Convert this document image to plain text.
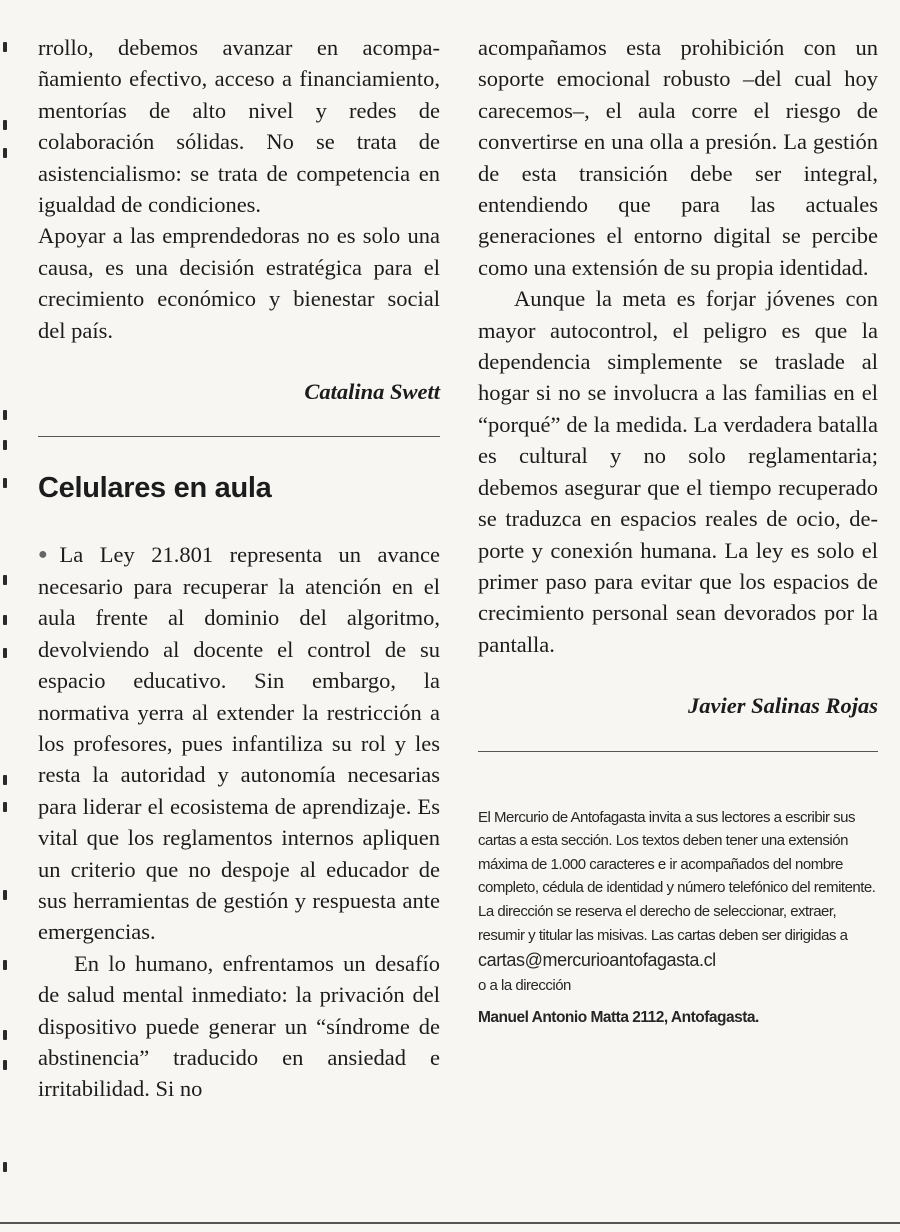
rrollo, debemos avanzar en acompañamiento efectivo, acceso a financiamiento, mentorías de alto nivel y redes de colaboración sólidas. No se trata de asistencialismo: se trata de competencia en igualdad de condiciones.

Apoyar a las emprendedoras no es solo una causa, es una decisión estratégica para el crecimiento económico y bienestar social del país.

Catalina Swett

Celulares en aula

●La Ley 21.801 representa un avance necesario para recuperar la atención en el aula frente al dominio del algoritmo, devolviendo al docente el control de su espacio educativo. Sin embargo, la normativa yerra al extender la restricción a los profesores, pues infantiliza su rol y les resta la autoridad y autonomía necesarias para liderar el ecosistema de aprendizaje. Es vital que los reglamentos internos apliquen un criterio que no despoje al educador de sus herramientas de gestión y respuesta ante emergencias.

En lo humano, enfrentamos un desafío de salud mental inmediato: la privación del dispositivo puede generar un “síndrome de abstinencia” traducido en ansiedad e irritabilidad. Si no

acompañamos esta prohibición con un soporte emocional robusto –del cual hoy carecemos–, el aula corre el riesgo de convertirse en una olla a presión. La gestión de esta transición debe ser integral, entendiendo que para las actuales generaciones el entorno digital se percibe como una extensión de su propia identidad.

Aunque la meta es forjar jóvenes con mayor autocontrol, el peligro es que la dependencia simplemente se traslade al hogar si no se involucra a las familias en el “porqué” de la medida. La verdadera batalla es cultural y no solo reglamentaria; debemos asegurar que el tiempo recuperado se traduzca en espacios reales de ocio, deporte y conexión humana. La ley es solo el primer paso para evitar que los espacios de crecimiento personal sean devorados por la pantalla.

Javier Salinas Rojas

El Mercurio de Antofagasta invita a sus lectores a escribir sus cartas a esta sección. Los textos deben tener una extensión máxima de 1.000 caracteres e ir acompañados del nombre completo, cédula de identidad y número telefónico del remitente. La dirección se reserva el derecho de seleccionar, extraer, resumir y titular las misivas. Las cartas deben ser dirigidas a
cartas@mercurioantofagasta.cl
o a la dirección
Manuel Antonio Matta 2112, Antofagasta.
